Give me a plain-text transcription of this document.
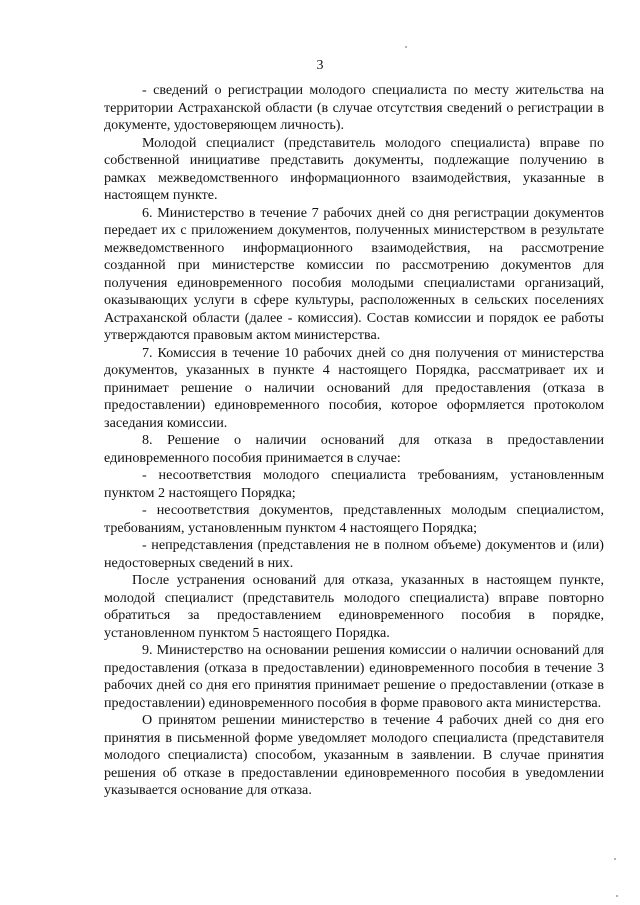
3

- сведений о регистрации молодого специалиста по месту жительства на территории Астраханской области (в случае отсутствия сведений о регистрации в документе, удостоверяющем личность).

Молодой специалист (представитель молодого специалиста) вправе по собственной инициативе представить документы, подлежащие получению в рамках межведомственного информационного взаимодействия, указанные в настоящем пункте.

6. Министерство в течение 7 рабочих дней со дня регистрации документов передает их с приложением документов, полученных министерством в результате межведомственного информационного взаимодействия, на рассмотрение созданной при министерстве комиссии по рассмотрению документов для получения единовременного пособия молодыми специалистами организаций, оказывающих услуги в сфере культуры, расположенных в сельских поселениях Астраханской области (далее - комиссия). Состав комиссии и порядок ее работы утверждаются правовым актом министерства.

7. Комиссия в течение 10 рабочих дней со дня получения от министерства документов, указанных в пункте 4 настоящего Порядка, рассматривает их и принимает решение о наличии оснований для предоставления (отказа в предоставлении) единовременного пособия, которое оформляется протоколом заседания комиссии.

8. Решение о наличии оснований для отказа в предоставлении единовременного пособия принимается в случае:

- несоответствия молодого специалиста требованиям, установленным пунктом 2 настоящего Порядка;

- несоответствия документов, представленных молодым специалистом, требованиям, установленным пунктом 4 настоящего Порядка;

- непредставления (представления не в полном объеме) документов и (или) недостоверных сведений в них.

После устранения оснований для отказа, указанных в настоящем пункте, молодой специалист (представитель молодого специалиста) вправе повторно обратиться за предоставлением единовременного пособия в порядке, установленном пунктом 5 настоящего Порядка.

9. Министерство на основании решения комиссии о наличии оснований для предоставления (отказа в предоставлении) единовременного пособия в течение 3 рабочих дней со дня его принятия принимает решение о предоставлении (отказе в предоставлении) единовременного пособия в форме правового акта министерства.

О принятом решении министерство в течение 4 рабочих дней со дня его принятия в письменной форме уведомляет молодого специалиста (представителя молодого специалиста) способом, указанным в заявлении. В случае принятия решения об отказе в предоставлении единовременного пособия в уведомлении указывается основание для отказа.
